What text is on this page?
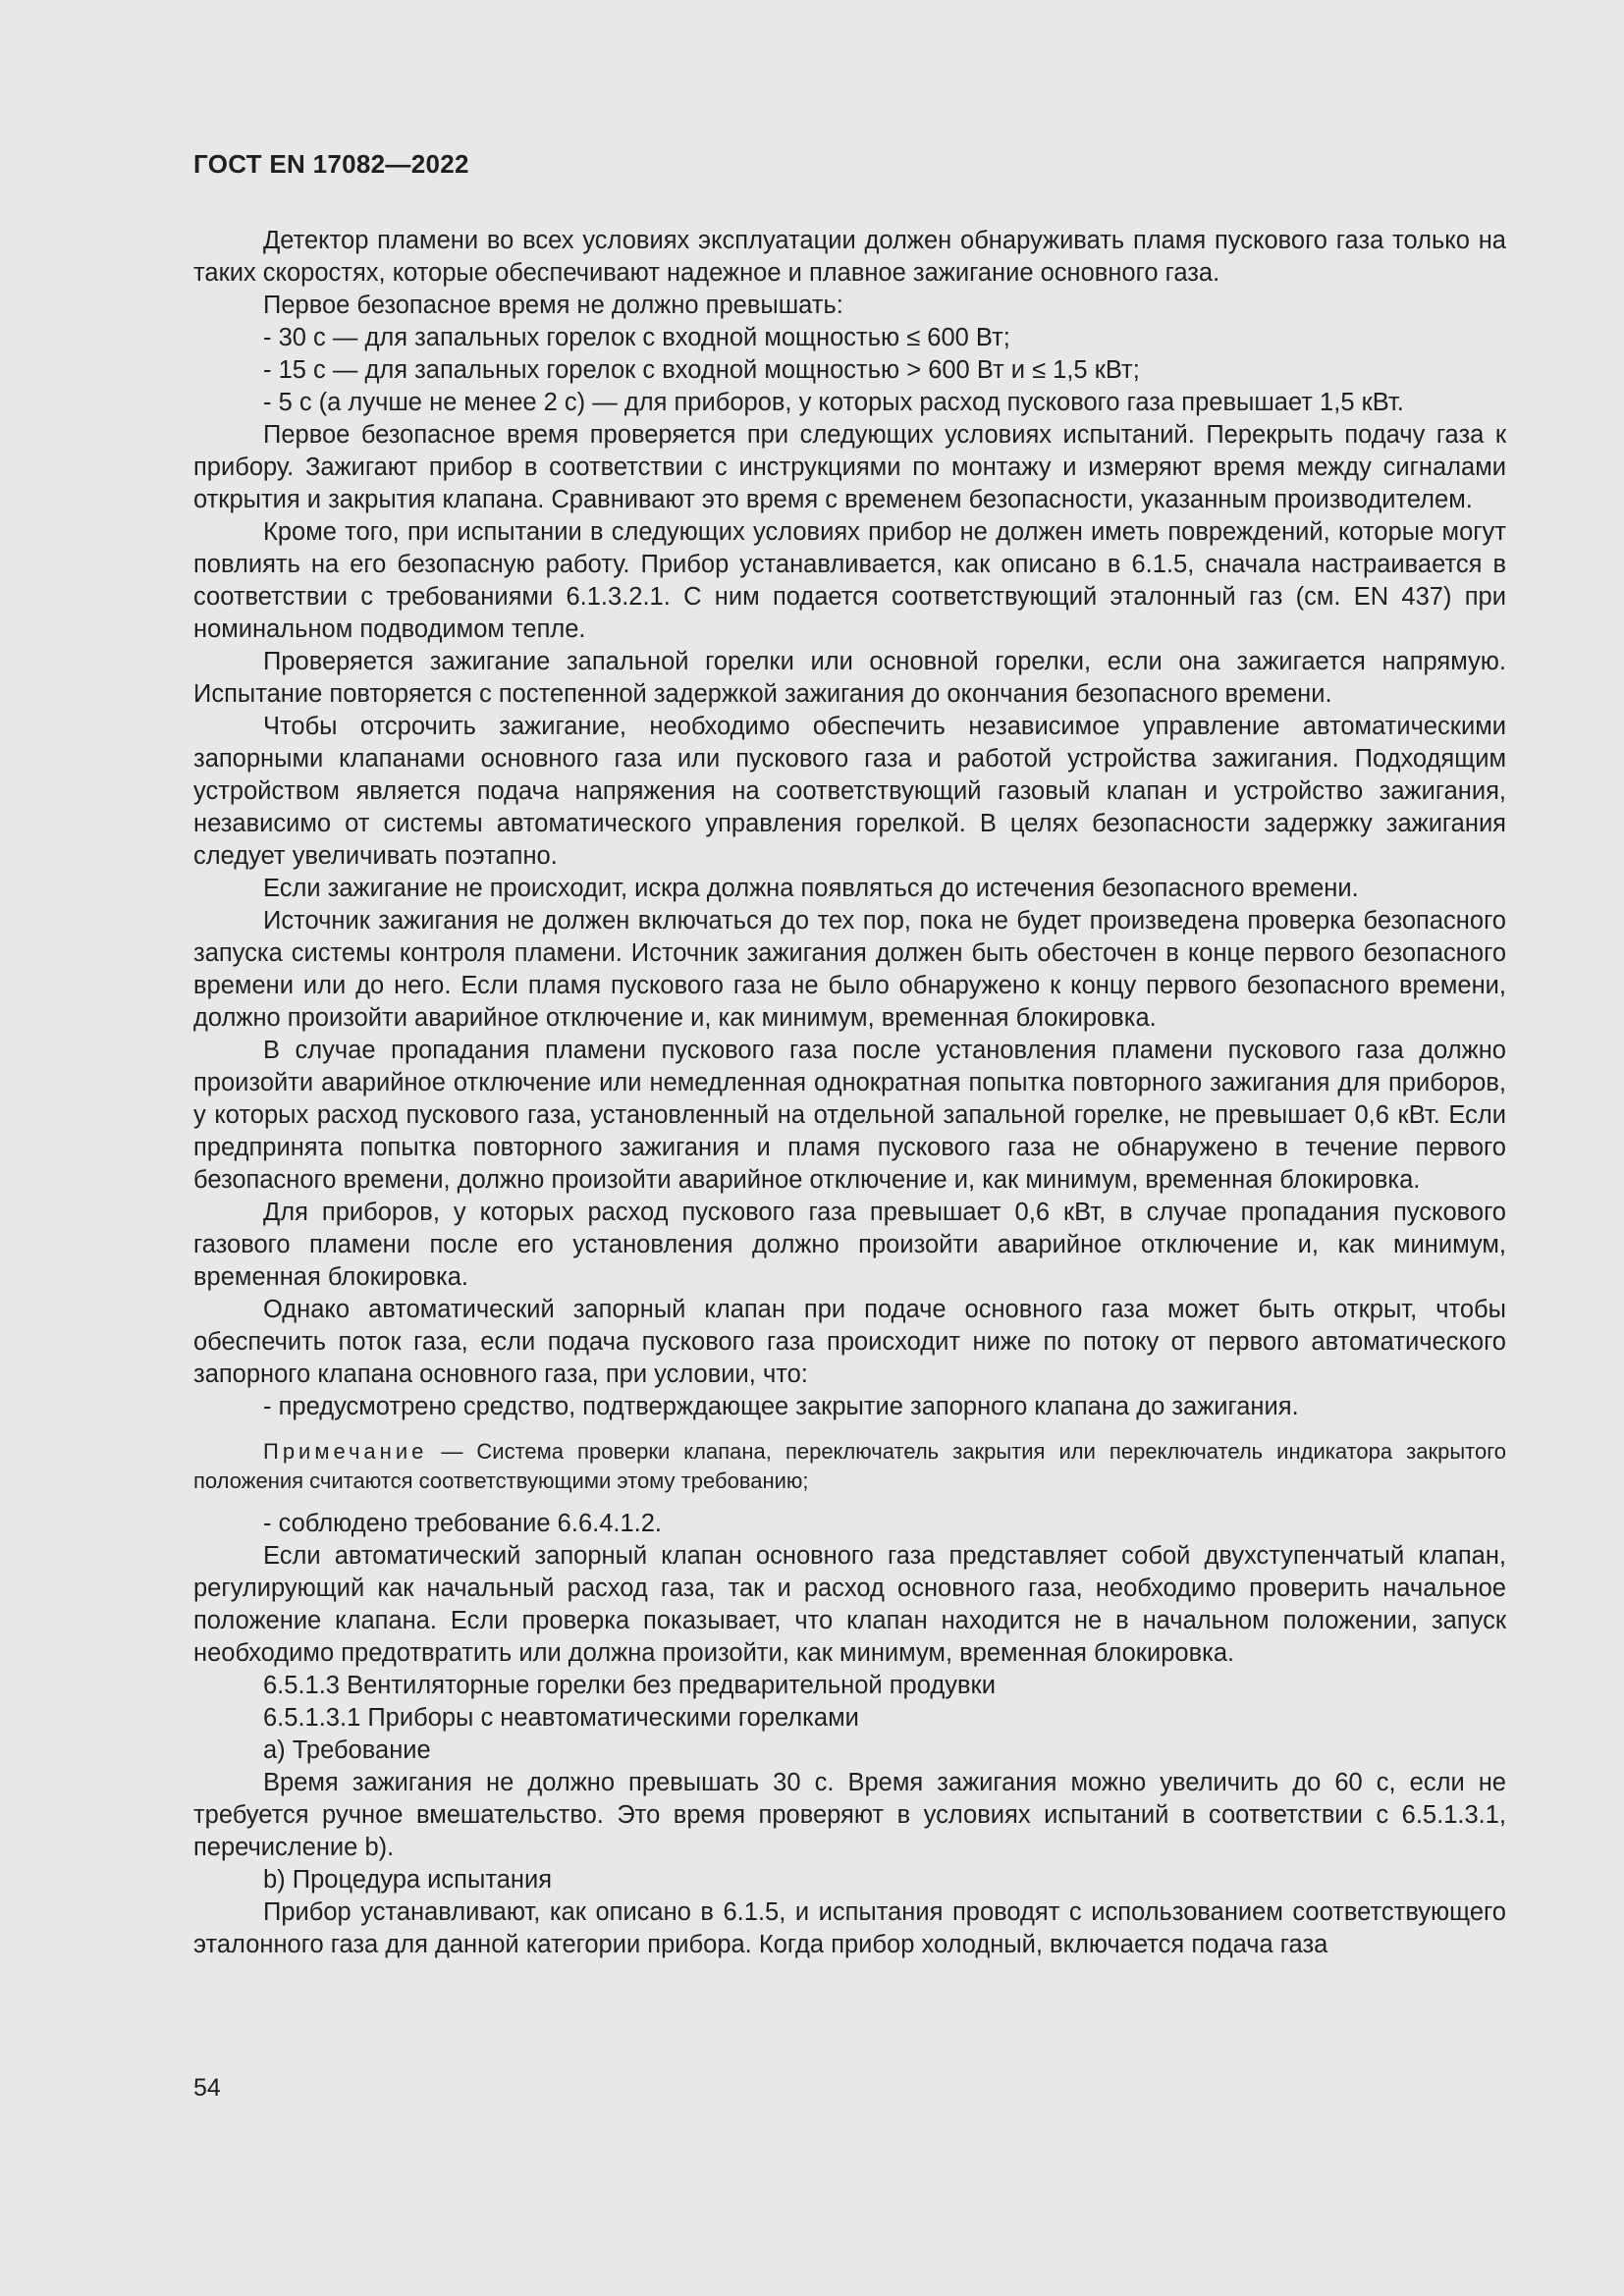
ГОСТ EN 17082—2022

Детектор пламени во всех условиях эксплуатации должен обнаруживать пламя пускового газа только на таких скоростях, которые обеспечивают надежное и плавное зажигание основного газа.

Первое безопасное время не должно превышать:

- 30 с — для запальных горелок с входной мощностью ≤ 600 Вт;

- 15 с — для запальных горелок с входной мощностью > 600 Вт и ≤ 1,5 кВт;

- 5 с (а лучше не менее 2 с) — для приборов, у которых расход пускового газа превышает 1,5 кВт.

Первое безопасное время проверяется при следующих условиях испытаний. Перекрыть подачу газа к прибору. Зажигают прибор в соответствии с инструкциями по монтажу и измеряют время между сигналами открытия и закрытия клапана. Сравнивают это время с временем безопасности, указанным производителем.

Кроме того, при испытании в следующих условиях прибор не должен иметь повреждений, которые могут повлиять на его безопасную работу. Прибор устанавливается, как описано в 6.1.5, сначала настраивается в соответствии с требованиями 6.1.3.2.1. С ним подается соответствующий эталонный газ (см. EN 437) при номинальном подводимом тепле.

Проверяется зажигание запальной горелки или основной горелки, если она зажигается напрямую. Испытание повторяется с постепенной задержкой зажигания до окончания безопасного времени.

Чтобы отсрочить зажигание, необходимо обеспечить независимое управление автоматическими запорными клапанами основного газа или пускового газа и работой устройства зажигания. Подходящим устройством является подача напряжения на соответствующий газовый клапан и устройство зажигания, независимо от системы автоматического управления горелкой. В целях безопасности задержку зажигания следует увеличивать поэтапно.

Если зажигание не происходит, искра должна появляться до истечения безопасного времени.

Источник зажигания не должен включаться до тех пор, пока не будет произведена проверка безопасного запуска системы контроля пламени. Источник зажигания должен быть обесточен в конце первого безопасного времени или до него. Если пламя пускового газа не было обнаружено к концу первого безопасного времени, должно произойти аварийное отключение и, как минимум, временная блокировка.

В случае пропадания пламени пускового газа после установления пламени пускового газа должно произойти аварийное отключение или немедленная однократная попытка повторного зажигания для приборов, у которых расход пускового газа, установленный на отдельной запальной горелке, не превышает 0,6 кВт. Если предпринята попытка повторного зажигания и пламя пускового газа не обнаружено в течение первого безопасного времени, должно произойти аварийное отключение и, как минимум, временная блокировка.

Для приборов, у которых расход пускового газа превышает 0,6 кВт, в случае пропадания пускового газового пламени после его установления должно произойти аварийное отключение и, как минимум, временная блокировка.

Однако автоматический запорный клапан при подаче основного газа может быть открыт, чтобы обеспечить поток газа, если подача пускового газа происходит ниже по потоку от первого автоматического запорного клапана основного газа, при условии, что:

- предусмотрено средство, подтверждающее закрытие запорного клапана до зажигания.

Примечание — Система проверки клапана, переключатель закрытия или переключатель индикатора закрытого положения считаются соответствующими этому требованию;

- соблюдено требование 6.6.4.1.2.

Если автоматический запорный клапан основного газа представляет собой двухступенчатый клапан, регулирующий как начальный расход газа, так и расход основного газа, необходимо проверить начальное положение клапана. Если проверка показывает, что клапан находится не в начальном положении, запуск необходимо предотвратить или должна произойти, как минимум, временная блокировка.

6.5.1.3 Вентиляторные горелки без предварительной продувки

6.5.1.3.1 Приборы с неавтоматическими горелками

а) Требование

Время зажигания не должно превышать 30 с. Время зажигания можно увеличить до 60 с, если не требуется ручное вмешательство. Это время проверяют в условиях испытаний в соответствии с 6.5.1.3.1, перечисление b).

b) Процедура испытания

Прибор устанавливают, как описано в 6.1.5, и испытания проводят с использованием соответствующего эталонного газа для данной категории прибора. Когда прибор холодный, включается подача газа

54
